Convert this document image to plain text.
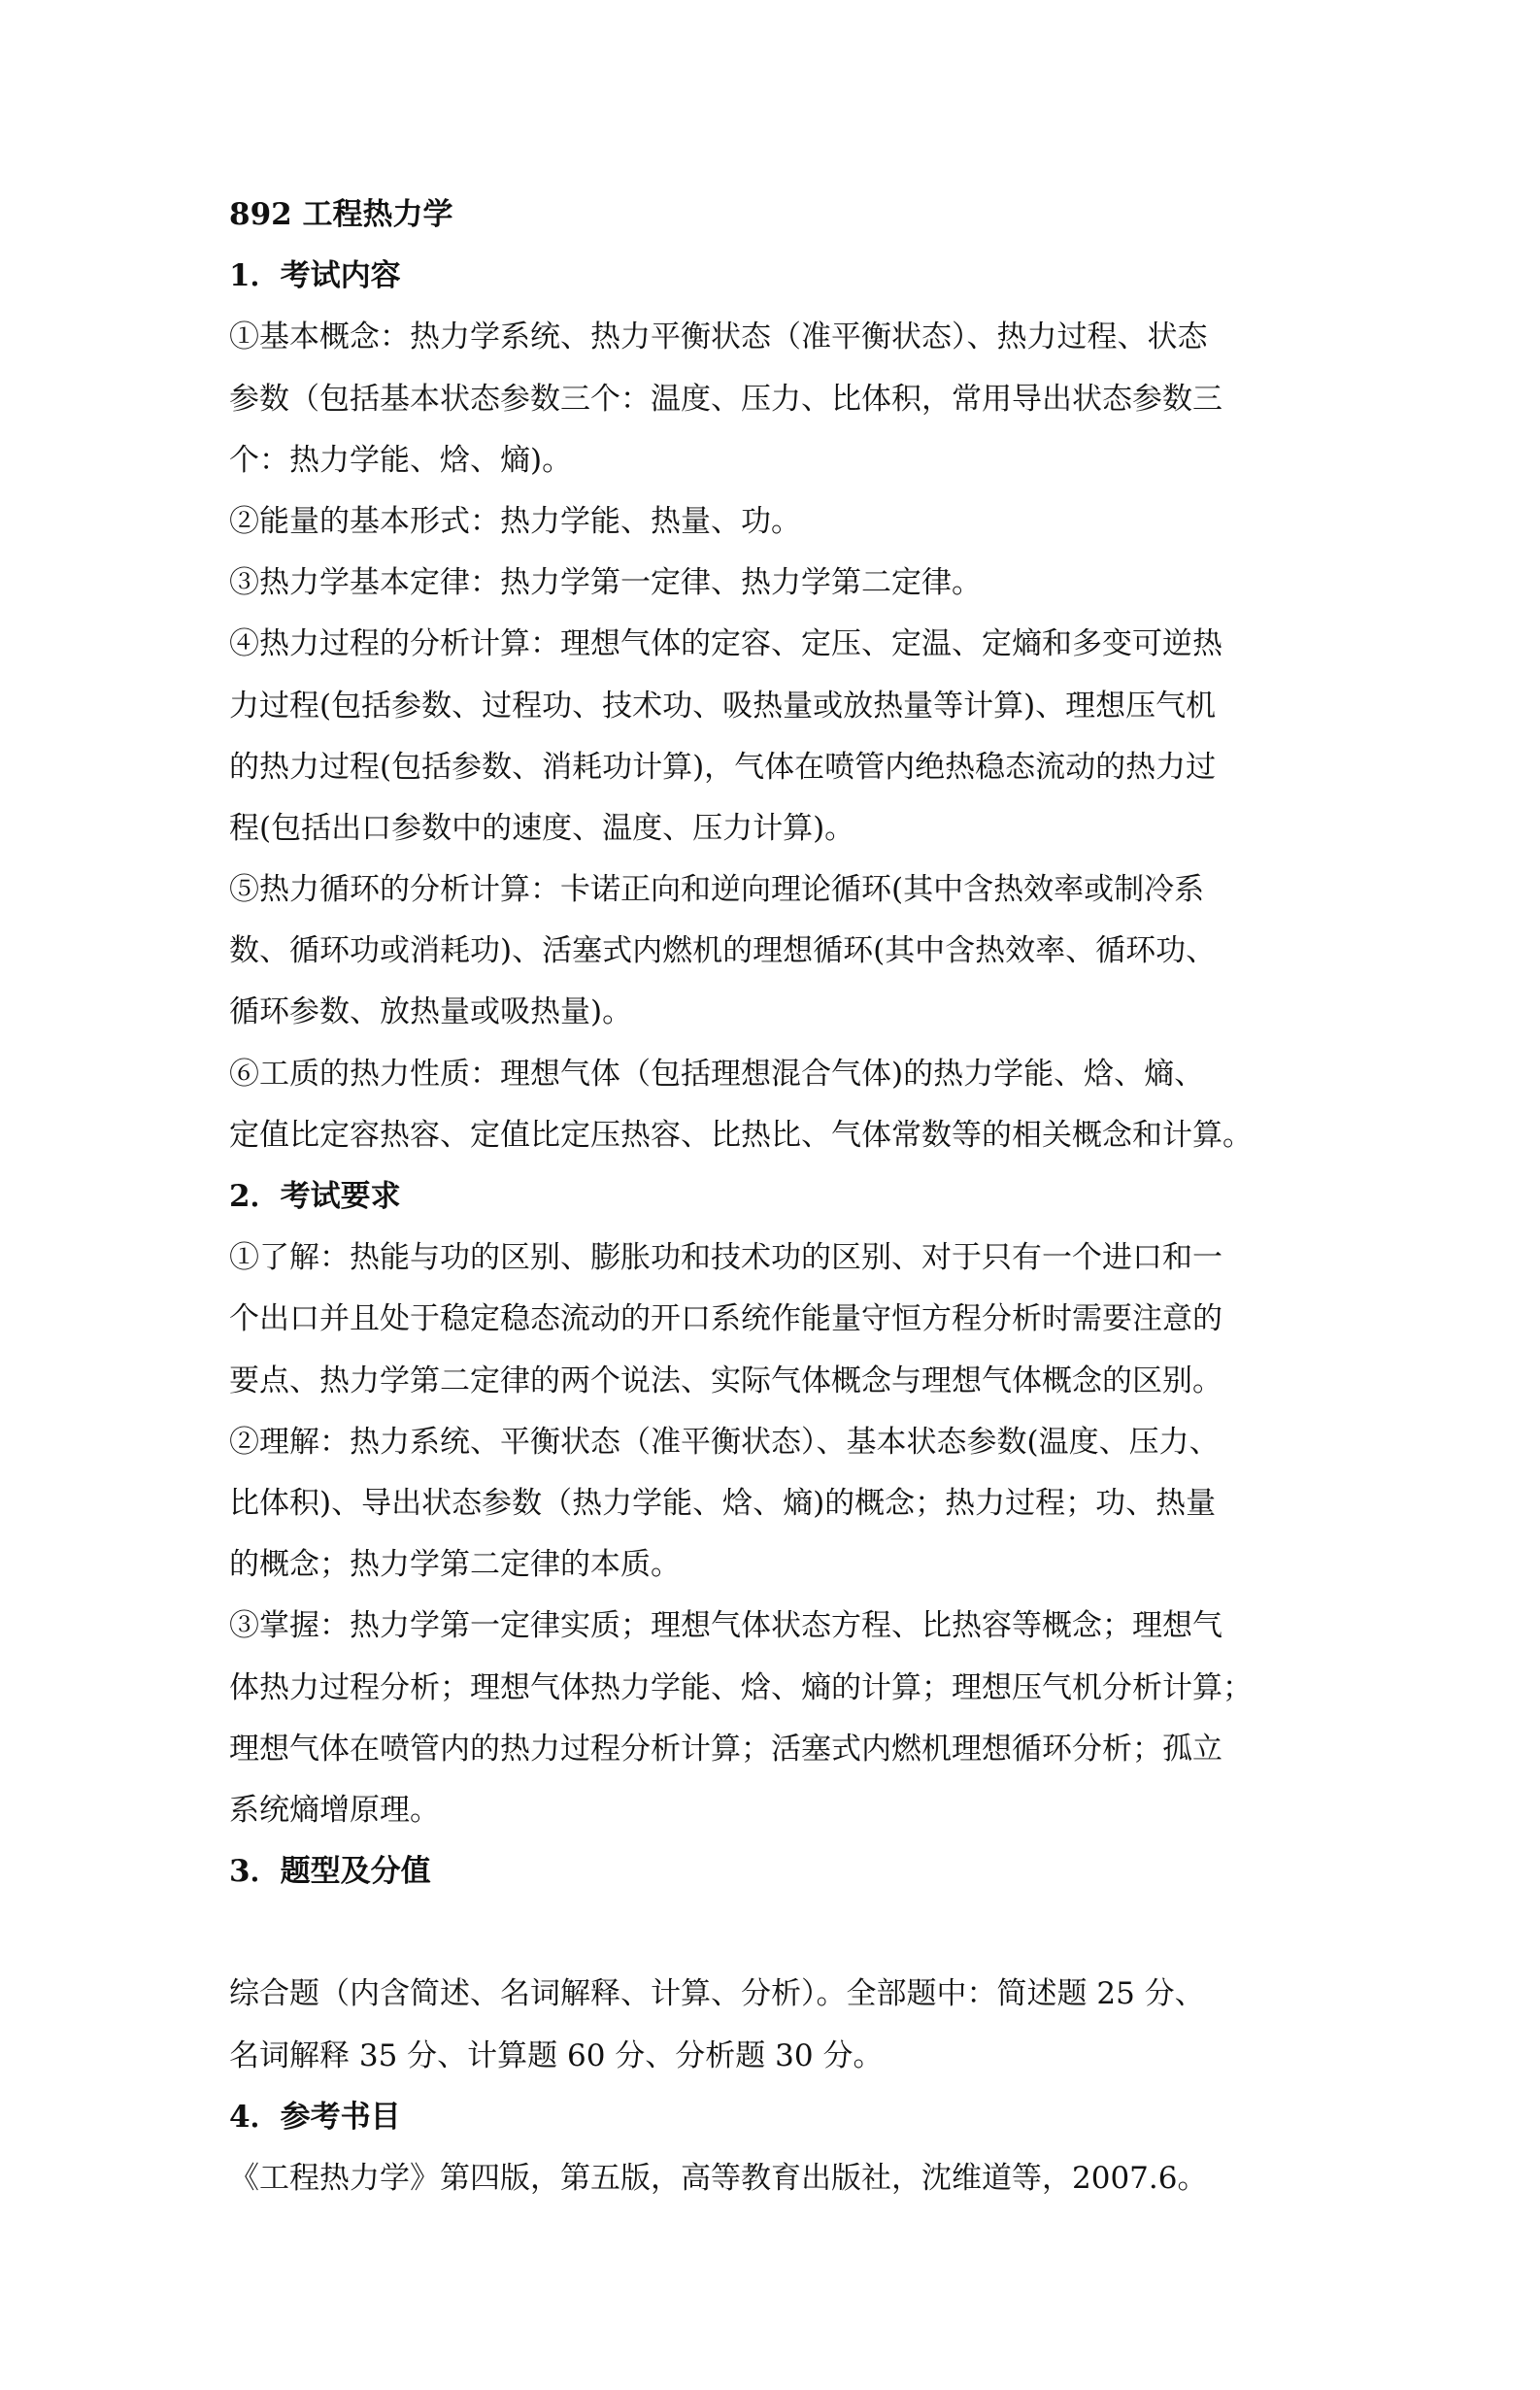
892 工程热力学
1．考试内容
①基本概念：热力学系统、热力平衡状态（准平衡状态）、热力过程、状态
参数（包括基本状态参数三个：温度、压力、比体积，常用导出状态参数三
个：热力学能、焓、熵)。
②能量的基本形式：热力学能、热量、功。
③热力学基本定律：热力学第一定律、热力学第二定律。
④热力过程的分析计算：理想气体的定容、定压、定温、定熵和多变可逆热
力过程(包括参数、过程功、技术功、吸热量或放热量等计算)、理想压气机
的热力过程(包括参数、消耗功计算)，气体在喷管内绝热稳态流动的热力过
程(包括出口参数中的速度、温度、压力计算)。
⑤热力循环的分析计算：卡诺正向和逆向理论循环(其中含热效率或制冷系
数、循环功或消耗功)、活塞式内燃机的理想循环(其中含热效率、循环功、
循环参数、放热量或吸热量)。
⑥工质的热力性质：理想气体（包括理想混合气体)的热力学能、焓、熵、
定值比定容热容、定值比定压热容、比热比、气体常数等的相关概念和计算。
2．考试要求
①了解：热能与功的区别、膨胀功和技术功的区别、对于只有一个进口和一
个出口并且处于稳定稳态流动的开口系统作能量守恒方程分析时需要注意的
要点、热力学第二定律的两个说法、实际气体概念与理想气体概念的区别。
②理解：热力系统、平衡状态（准平衡状态）、基本状态参数(温度、压力、
比体积)、导出状态参数（热力学能、焓、熵)的概念；热力过程；功、热量
的概念；热力学第二定律的本质。
③掌握：热力学第一定律实质；理想气体状态方程、比热容等概念；理想气
体热力过程分析；理想气体热力学能、焓、熵的计算；理想压气机分析计算；
理想气体在喷管内的热力过程分析计算；活塞式内燃机理想循环分析；孤立
系统熵增原理。
3．题型及分值
综合题（内含简述、名词解释、计算、分析）。全部题中：简述题 25 分、
名词解释 35 分、计算题 60 分、分析题 30 分。
4．参考书目
《工程热力学》第四版，第五版，高等教育出版社，沈维道等，2007.6。
